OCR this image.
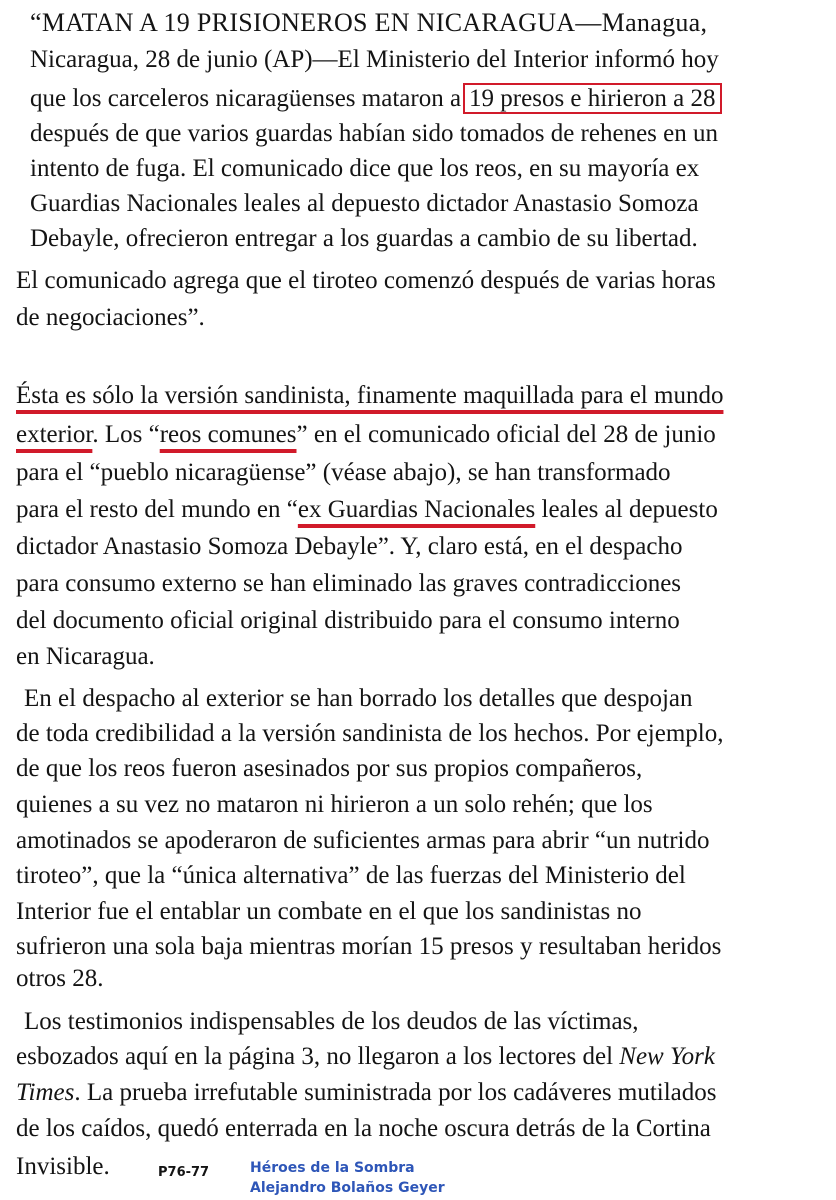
“MATAN A 19 PRISIONEROS EN NICARAGUA—Managua,
Nicaragua, 28 de junio (AP)—El Ministerio del Interior informó hoy
que los carceleros nicaragüenses mataron a 19 presos e hirieron a 28
después de que varios guardas habían sido tomados de rehenes en un
intento de fuga. El comunicado dice que los reos, en su mayoría ex
Guardias Nacionales leales al depuesto dictador Anastasio Somoza
Debayle, ofrecieron entregar a los guardas a cambio de su libertad.
El comunicado agrega que el tiroteo comenzó después de varias horas
de negociaciones”.
Ésta es sólo la versión sandinista, finamente maquillada para el mundo
exterior. Los “reos comunes” en el comunicado oficial del 28 de junio
para el “pueblo nicaragüense” (véase abajo), se han transformado
para el resto del mundo en “ex Guardias Nacionales leales al depuesto
dictador Anastasio Somoza Debayle”. Y, claro está, en el despacho
para consumo externo se han eliminado las graves contradicciones
del documento oficial original distribuido para el consumo interno
en Nicaragua.
En el despacho al exterior se han borrado los detalles que despojan
de toda credibilidad a la versión sandinista de los hechos. Por ejemplo,
de que los reos fueron asesinados por sus propios compañeros,
quienes a su vez no mataron ni hirieron a un solo rehén; que los
amotinados se apoderaron de suficientes armas para abrir “un nutrido
tiroteo”, que la “única alternativa” de las fuerzas del Ministerio del
Interior fue el entablar un combate en el que los sandinistas no
sufrieron una sola baja mientras morían 15 presos y resultaban heridos
otros 28.
Los testimonios indispensables de los deudos de las víctimas,
esbozados aquí en la página 3, no llegaron a los lectores del New York
Times. La prueba irrefutable suministrada por los cadáveres mutilados
de los caídos, quedó enterrada en la noche oscura detrás de la Cortina
Invisible.	P76-77	Héroes de la Sombra
Alejandro Bolaños Geyer
